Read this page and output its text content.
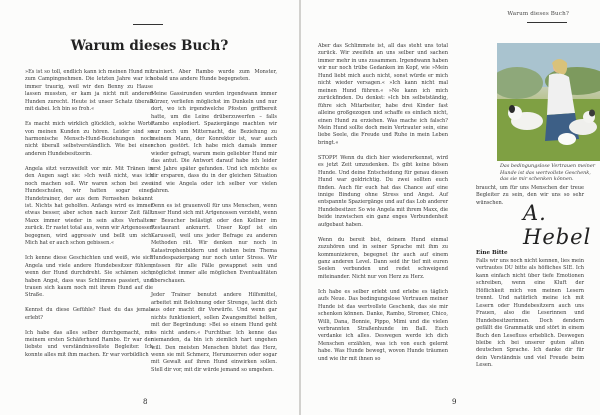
Warum dieses Buch?

»Es ist so toll, endlich kann ich meinen Hund mit zum Campingnehmen. Die letzten Jahre war ich immer traurig, weil wir den Benny zu Hause lassen mussten, er kam ja nicht mit anderen Hunden zurecht. Heute ist unser Schatz überall mit dabei. Ich bin so froh.«

Es macht mich wirklich glücklich, solche Worte von meinen Kunden zu hören. Leider sind so harmonische Mensch-Hund-Beziehungen noch nicht überall selbstverständlich. Wie bei einer anderen Hundebesitzerin.

Angela sitzt verzweifelt vor mir. Mit Tränen in den Augen sagt sie: »Ich weiß nicht, was ich noch machen soll. Wir waren schon bei zwei Hundeschulen, wir hatten sogar einen Hundetrainer, der aus dem Fernsehen bekannt ist. Nichts hat geholfen. Anfangs wird es immer etwas besser, aber schon nach kurzer Zeit fällt Maxx immer wieder in sein altes Verhalten zurück. Er rastet total aus, wenn wir Artgenossen begegnen, wird aggressiv und bellt um sich. Mich hat er auch schon gebissen.«

Ich kenne diese Geschichten und weiß, wie sich Angela und viele andere Hundebesitzer fühlen, wenn der Hund durchdreht. Sie schämen sich, haben Angst, dass was Schlimmes passiert, und trauen sich kaum noch mit ihrem Hund auf die Straße.

Kennst du diese Gefühle? Hast du das jemals erlebt?

Ich habe das alles selber durchgemacht, mit meinem ersten Schäferhund Rambo. Er war der liebste und verständnisvollste Begleiter. Ich konnte alles mit ihm machen. Er war vorbildlich

trainiert. Aber Rambo wurde zum Monster, sobald uns andere Hunde begegneten.

Meine Gassirunden wurden irgendwann immer kürzer, verliefen möglichst im Dunkeln und nur dort, wo ich irgendwelche Pfosten griffbereit hatte, um die Leine drüberzuwerfen – falls Rambo explodiert. Spaziergänge machten wir nur noch um Mitternacht, die Beziehung zu meinem Mann, der Konrektor ist, war auch schon gestört. Ich habe mich damals immer wieder gefragt, warum mein geliebter Hund mir das antut. Die Antwort darauf habe ich leider erst Jahre später gefunden. Und ich möchte es dir ersparen, dass du in der gleichen Situation sind wie Angela oder ich selber vor vielen Jahren.

Denn es ist grauenvoll für uns Menschen, wenn unser Hund sich mit Artgenossen verzieht, wenn er Besucher belästigt oder den Kellner im Restaurant anknurrt. Unser Kopf ist ein Karussell, weil uns jeder Befrage zu anderen Methoden rät. Wir denken nur noch in Katastrophenbildern und stehen beim Thema Hundespaziergang nur noch unter Stress. Wir müssen für alle Fälle gewappnet sein und möglichst immer alle möglichen Eventualitäten überschauen.

Jeder Trainer benutzt andere Hilfsmittel, arbeitet mit Belohnung oder Strenge, lacht dich aus oder macht dir Vorwürfe. Und wenn gar nichts funktioniert, sollen Zwangsmittel helfen, mit der Begründung: »Bei so einem Hund geht es nicht anders.« Furchtbar. Ich kenne das niemanden, da bin ich ziemlich hart ungehen will. Den meisten Menschen blutet das Herz, wenn sie mit Schmerz, Herumzerren oder sogar mit Gewalt auf ihren Hund einwirken sollen. Stell dir vor, mit dir würde jemand so umgehen.

8
Warum dieses Buch?

Aber das Schlimmste ist, all das steht uns total zurück. Wir zweifeln an uns selber und sachen immer mehr in uns zusammen. Irgendwann haben wir nur noch trübe Gedanken im Kopf, wie »Mein Hund liebt mich auch nicht, sonst würde er mich nicht wieder versagen.« »Ich kann nicht mal meinen Hund führen.« »Ne kann ich mich zurückfinden. Du denkst: »Ich bin selbstständig, führe sich Mitarbeiter, habe drei Kinder fast alleine großgezogen und schaffe es einfach nicht, einen Hund zu erziehen. Was mache ich falsch? Mein Hund sollte doch mein Vertrauter sein, eine liebe Seele, die Freude und Ruhe in mein Leben bringt.«

STOPP! Wenn du dich hier wiedererkennst, wird es jetzt Zeit umzudenken. Es gibt keine bösen Hunde. Und deine Entscheidung für genau diesen Hund war goldrichtig. Du zwei sollten euch finden. Auch für euch hat das Chance auf eine innige Bindung ohne Stress und Angst. Auf entspannte Spaziergänge und auf das Lob anderer Hundebesitzer. So wie Angela mit ihrem Maxx, die beide inzwischen ein ganz enges Verbundenheit aufgebaut haben.

Wenn du bereit bist, deinem Hund einmal zuzuhören und in seiner Sprache mit ihm zu kommunizieren, begegnet ihr auch auf einem ganz anderen Level. Dann seid ihr tief mit euren Seelen verbunden und redet schweigend miteinander. Nicht nur von Herz zu Herz.

Ich habe es selber erlebt und erlebe es täglich aufs Neue. Das bedingungslose Vertrauen meiner Hunde ist das wertvollste Geschenk, das sie mir schenken können. Danke, Rambo, Stromer, Chico, Willi, Dana, Bonnie, Pippo, Mimi und die vielen verbrannten Straßenhunde im Ball. Euch verdanke ich alles. Deswegen werde ich dich Menschen erzählen, was ich von euch gelernt habe. Was Hunde bewegt, wovon Hunde träumen und wie ihr mit ihnen so

Das bedingungslose Vertrauen meiner Hunde ist das wertvollste Geschenk, das sie mir schenken können.

braucht, um für uns Menschen der treue Begleiter zu sein, den wir uns so sehr wünschen. A. Hebel
Eine Bitte

Falls wir uns noch nicht kennen, lies mein vertrautes DU bitte als höfliches SIE. Ich kann einfach nicht über tiefe Emotionen schreiben, wenn eine Kluft der Höflichkeit mich von meinen Lesern trennt. Und natürlich meine ich mit Lesern oder Hundebesitzern auch uns Frauen, also die Leserinnen und Hundebesitzerinnen. Doch dendern gefällt die Grammatik und stört in einem Buch den Lesefluss erheblich. Deswegen bleibe ich bei unserer guten alten deutschen Sprache. Ich danke dir für dein Verständnis und viel Freude beim Lesen.

9
